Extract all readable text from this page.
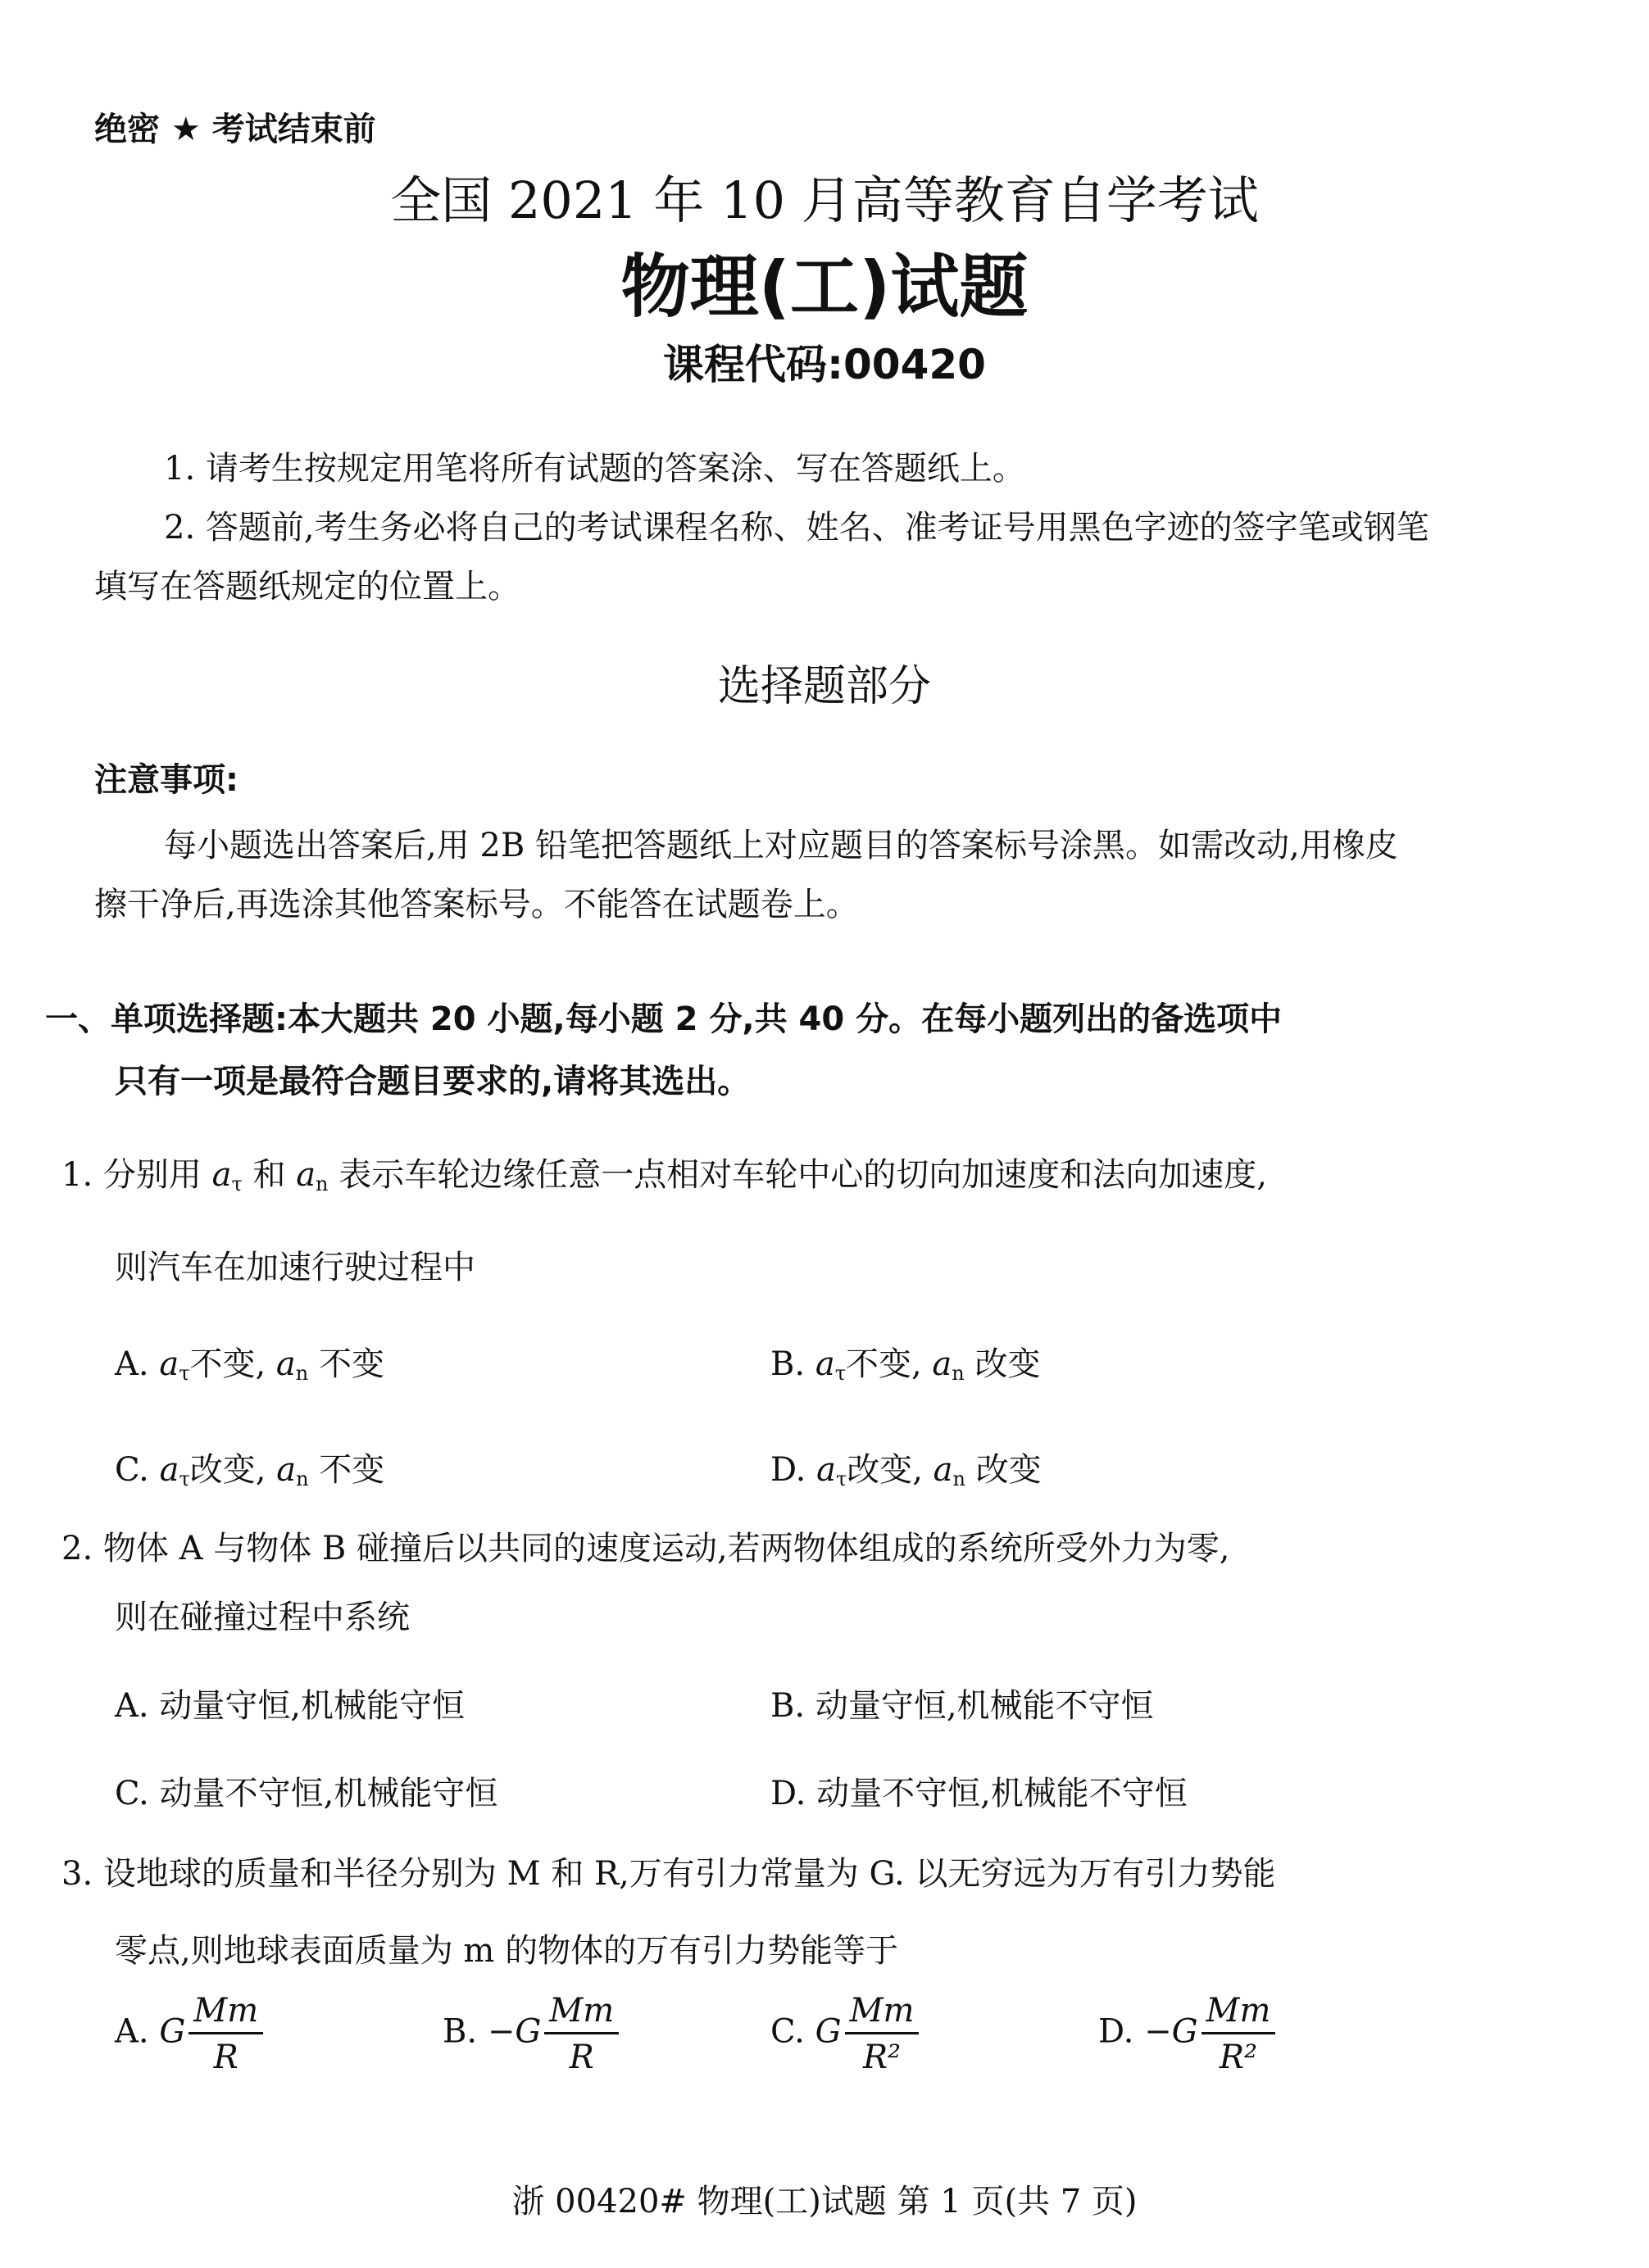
绝密 ★ 考试结束前
全国 2021 年 10 月高等教育自学考试
物理(工)试题
课程代码:00420
1. 请考生按规定用笔将所有试题的答案涂、写在答题纸上。
2. 答题前,考生务必将自己的考试课程名称、姓名、准考证号用黑色字迹的签字笔或钢笔
填写在答题纸规定的位置上。
选择题部分
注意事项:
每小题选出答案后,用 2B 铅笔把答题纸上对应题目的答案标号涂黑。如需改动,用橡皮
擦干净后,再选涂其他答案标号。不能答在试题卷上。
一、单项选择题:本大题共 20 小题,每小题 2 分,共 40 分。在每小题列出的备选项中
只有一项是最符合题目要求的,请将其选出。
1. 分别用 $a_\tau$ 和 $a_n$ 表示车轮边缘任意一点相对车轮中心的切向加速度和法向加速度,
则汽车在加速行驶过程中
A. $a_\tau$不变, $a_n$ 不变	B. $a_\tau$不变, $a_n$ 改变
C. $a_\tau$改变, $a_n$ 不变	D. $a_\tau$改变, $a_n$ 改变
2. 物体 A 与物体 B 碰撞后以共同的速度运动,若两物体组成的系统所受外力为零,
则在碰撞过程中系统
A. 动量守恒,机械能守恒	B. 动量守恒,机械能不守恒
C. 动量不守恒,机械能守恒	D. 动量不守恒,机械能不守恒
3. 设地球的质量和半径分别为 M 和 R,万有引力常量为 G. 以无穷远为万有引力势能
零点,则地球表面质量为 m 的物体的万有引力势能等于
A. G $\frac{Mm}{R}$	B. $-G \frac{Mm}{R}$	C. G $\frac{Mm}{\text{R²}}$	D. $-G \frac{Mm}{\text{R²}}$
浙 00420# 物理(工)试题 第 1 页(共 7 页)
